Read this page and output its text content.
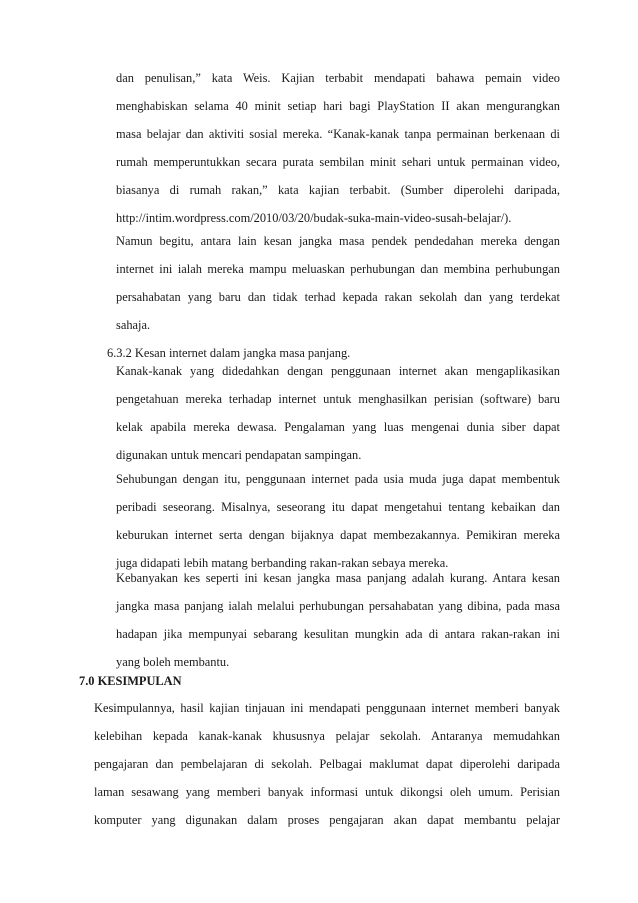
dan penulisan,” kata Weis. Kajian terbabit mendapati bahawa pemain video
menghabiskan selama 40 minit setiap hari bagi PlayStation II akan mengurangkan
masa belajar dan aktiviti sosial mereka. “Kanak-kanak tanpa permainan berkenaan di
rumah memperuntukkan secara purata sembilan minit sehari untuk permainan video,
biasanya di rumah rakan,” kata kajian terbabit. (Sumber diperolehi daripada,
http://intim.wordpress.com/2010/03/20/budak-suka-main-video-susah-belajar/).
Namun begitu, antara lain kesan jangka masa pendek pendedahan mereka dengan
internet ini ialah mereka mampu meluaskan perhubungan dan membina perhubungan
persahabatan yang baru dan tidak terhad kepada rakan sekolah dan yang terdekat
sahaja.
6.3.2 Kesan internet dalam jangka masa panjang.
Kanak-kanak yang didedahkan dengan penggunaan internet akan mengaplikasikan
pengetahuan mereka terhadap internet untuk menghasilkan perisian (software) baru
kelak apabila mereka dewasa. Pengalaman yang luas mengenai dunia siber dapat
digunakan untuk mencari pendapatan sampingan.
Sehubungan dengan itu, penggunaan internet pada usia muda juga dapat membentuk
peribadi seseorang. Misalnya, seseorang itu dapat mengetahui tentang kebaikan dan
keburukan internet serta dengan bijaknya dapat membezakannya. Pemikiran mereka
juga didapati lebih matang berbanding rakan-rakan sebaya mereka.
Kebanyakan kes seperti ini kesan jangka masa panjang adalah kurang. Antara kesan
jangka masa panjang ialah melalui perhubungan persahabatan yang dibina, pada masa
hadapan jika mempunyai sebarang kesulitan mungkin ada di antara rakan-rakan ini
yang boleh membantu.
7.0 KESIMPULAN
Kesimpulannya, hasil kajian tinjauan ini mendapati penggunaan internet memberi banyak
kelebihan kepada kanak-kanak khususnya pelajar sekolah. Antaranya memudahkan
pengajaran dan pembelajaran di sekolah. Pelbagai maklumat dapat diperolehi daripada
laman sesawang yang memberi banyak informasi untuk dikongsi oleh umum. Perisian
komputer yang digunakan dalam proses pengajaran akan dapat membantu pelajar
